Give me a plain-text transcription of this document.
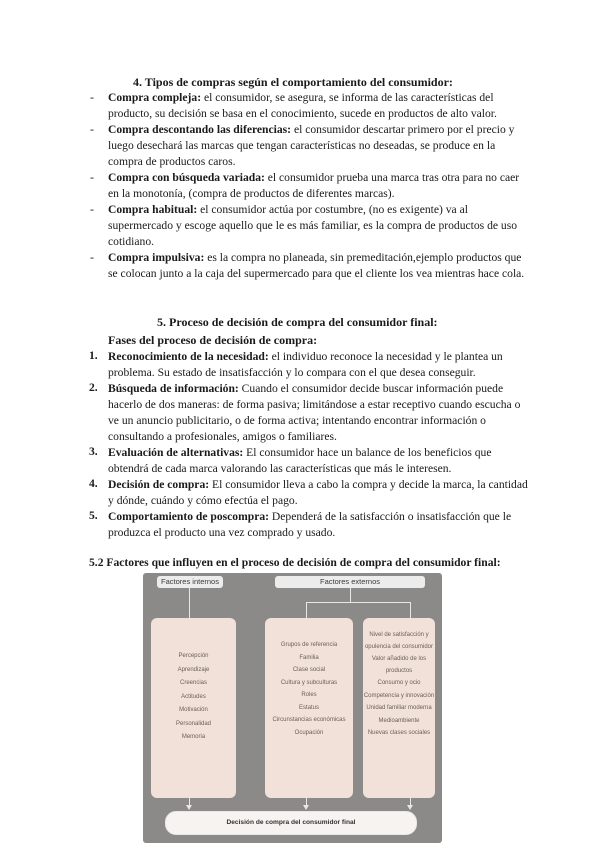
4. Tipos de compras según el comportamiento del consumidor:
- Compra compleja: el consumidor, se asegura, se informa de las características del producto, su decisión se basa en el conocimiento, sucede en productos de alto valor.
- Compra descontando las diferencias: el consumidor descartar primero por el precio y luego desechará las marcas que tengan características no deseadas, se produce en la compra de productos caros.
- Compra con búsqueda variada: el consumidor prueba una marca tras otra para no caer en la monotonía, (compra de productos de diferentes marcas).
- Compra habitual: el consumidor actúa por costumbre, (no es exigente) va al supermercado y escoge aquello que le es más familiar, es la compra de productos de uso cotidiano.
- Compra impulsiva: es la compra no planeada, sin premeditación,ejemplo productos que se colocan junto a la caja del supermercado para que el cliente los vea mientras hace cola.
5. Proceso de decisión de compra del consumidor final:
Fases del proceso de decisión de compra:
1. Reconocimiento de la necesidad: el individuo reconoce la necesidad y le plantea un problema. Su estado de insatisfacción y lo compara con el que desea conseguir.
2. Búsqueda de información: Cuando el consumidor decide buscar información puede hacerlo de dos maneras: de forma pasiva; limitándose a estar receptivo cuando escucha o ve un anuncio publicitario, o de forma activa; intentando encontrar información o consultando a profesionales, amigos o familiares.
3. Evaluación de alternativas: El consumidor hace un balance de los beneficios que obtendrá de cada marca valorando las características que más le interesen.
4. Decisión de compra: El consumidor lleva a cabo la compra y decide la marca, la cantidad y dónde, cuándo y cómo efectúa el pago.
5. Comportamiento de poscompra: Dependerá de la satisfacción o insatisfacción que le produzca el producto una vez comprado y usado.
5.2 Factores que influyen en el proceso de decisión de compra del consumidor final:
Factores internos	Factores externos
Percepción
Aprendizaje
Creencias
Actitudes
Motivación
Personalidad
Memoria
Grupos de referencia
Familia
Clase social
Cultura y subculturas
Roles
Estatus
Circunstancias económicas
Ocupación
Nivel de satisfacción y opulencia del consumidor
Valor añadido de los productos
Consumo y ocio
Competencia y innovación
Unidad familiar moderna
Medioambiente
Nuevas clases sociales
Decisión de compra del consumidor final
